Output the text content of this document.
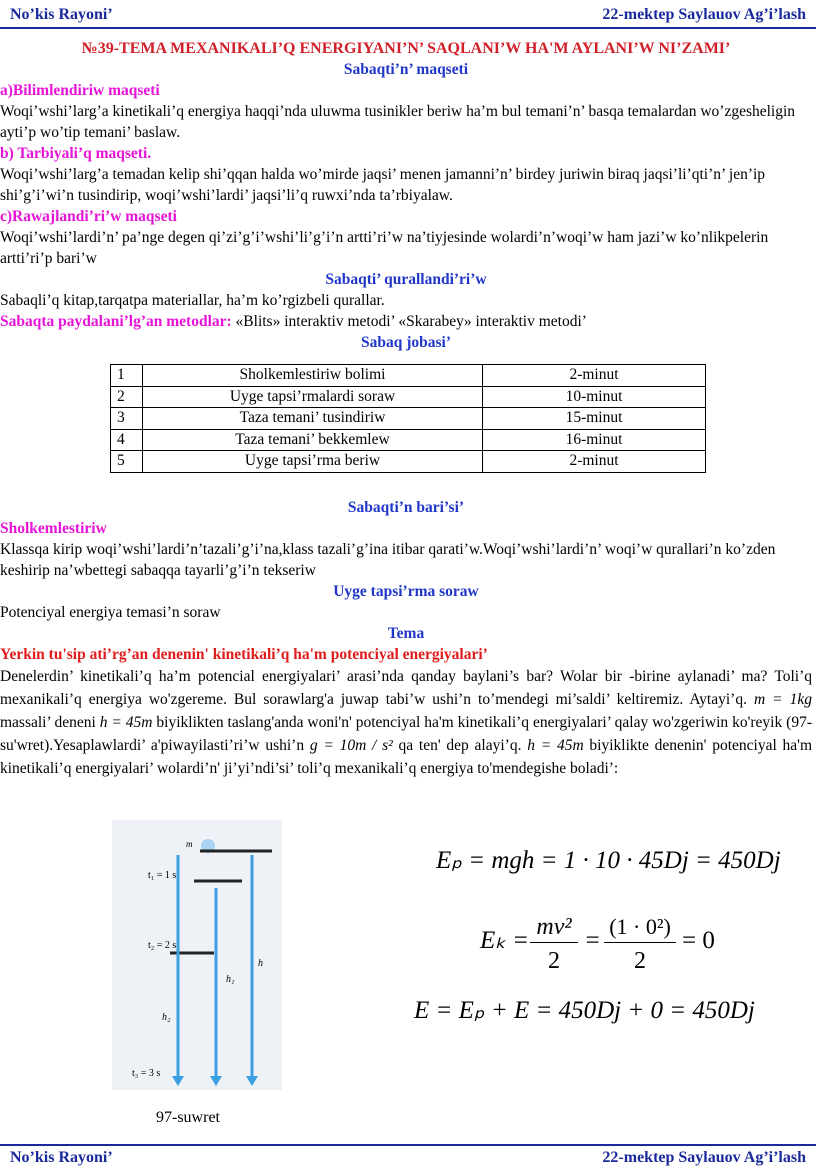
No’kis Rayoni’	22-mektep Saylauov Ag’i’lash

№39-TEMA MEXANIKALI’Q ENERGIYANI’N’ SAQLANI’W HA'M AYLANI’W NI’ZAMI’

Sabaqti’n’ maqseti

a)Bilimlendiriw maqseti

Woqi’wshi’larg’a kinetikali’q energiya haqqi’nda uluwma tusinikler beriw ha’m bul temani’n’ basqa temalardan wo’zgesheligin ayti’p wo’tip temani’ baslaw.

b) Tarbiyali’q maqseti.

Woqi’wshi’larg’a temadan kelip shi’qqan halda wo’mirde jaqsi’ menen jamanni’n’ birdey juriwin biraq jaqsi’li’qti’n’ jen’ip shi’g’i’wi’n tusindirip, woqi’wshi’lardi’ jaqsi’li’q ruwxi’nda ta’rbiyalaw.

c)Rawajlandi’ri’w maqseti

Woqi’wshi’lardi’n’ pa’nge degen qi’zi’g’i’wshi’li’g’i’n artti’ri’w na’tiyjesinde wolardi’n’woqi’w ham jazi’w ko’nlikpelerin artti’ri’p bari’w

Sabaqti’ qurallandi’ri’w

Sabaqli’q kitap,tarqatpa materiallar, ha’m ko’rgizbeli qurallar.

Sabaqta paydalani’lg’an metodlar: «Blits» interaktiv metodi’ «Skarabey» interaktiv metodi’

Sabaq jobasi’

1	Sholkemlestiriw bolimi	2-minut
2	Uyge tapsi’rmalardi soraw	10-minut
3	Taza temani’ tusindiriw	15-minut
4	Taza temani’ bekkemlew	16-minut
5	Uyge tapsi’rma beriw	2-minut

Sabaqti’n bari’si’

Sholkemlestiriw

Klassqa kirip woqi’wshi’lardi’n’tazali’g’i’na,klass tazali’g’ina itibar qarati’w.Woqi’wshi’lardi’n’ woqi’w qurallari’n ko’zden keshirip na’wbettegi sabaqqa tayarli’g’i’n tekseriw

Uyge tapsi’rma soraw

Potenciyal energiya temasi’n soraw

Tema

Yerkin tu'sip ati’rg’an denenin' kinetikali’q ha'm potenciyal energiyalari’

Denelerdin’ kinetikali’q ha’m potencial energiyalari’ arasi’nda qanday baylani’s bar? Wolar bir -birine aylanadi’ ma? Toli’q mexanikali’q energiya wo'zgereme. Bul sorawlarg'a juwap tabi’w ushi’n to’mendegi mi’saldi’ keltiremiz. Aytayi’q. m = 1kg massali’ deneni h = 45m biyiklikten taslang'anda woni'n' potenciyal ha'm kinetikali’q energiyalari’ qalay wo'zgeriwin ko'reyik (97-su'wret).Yesaplawlardi’ a'piwayilasti’ri’w ushi’n g = 10m / s² qa ten' dep alayi’q. h = 45m biyiklikte denenin' potenciyal ha'm kinetikali’q energiyalari’ wolardi’n' ji’yi’ndi’si’ toli’q mexanikali’q energiya to'mendegishe boladi’:

m
t₁ = 1 s
t₂ = 2 s
t₃ = 3 s
h
h₁
h₂
97-suwret
Eₚ = mgh = 1 · 10 · 45Dj = 450Dj
Eₖ = mv²
2
=
(1 · 0²)
2
= 0
E = Eₚ + E = 450Dj + 0 = 450Dj
No’kis Rayoni’	22-mektep Saylauov Ag’i’lash
